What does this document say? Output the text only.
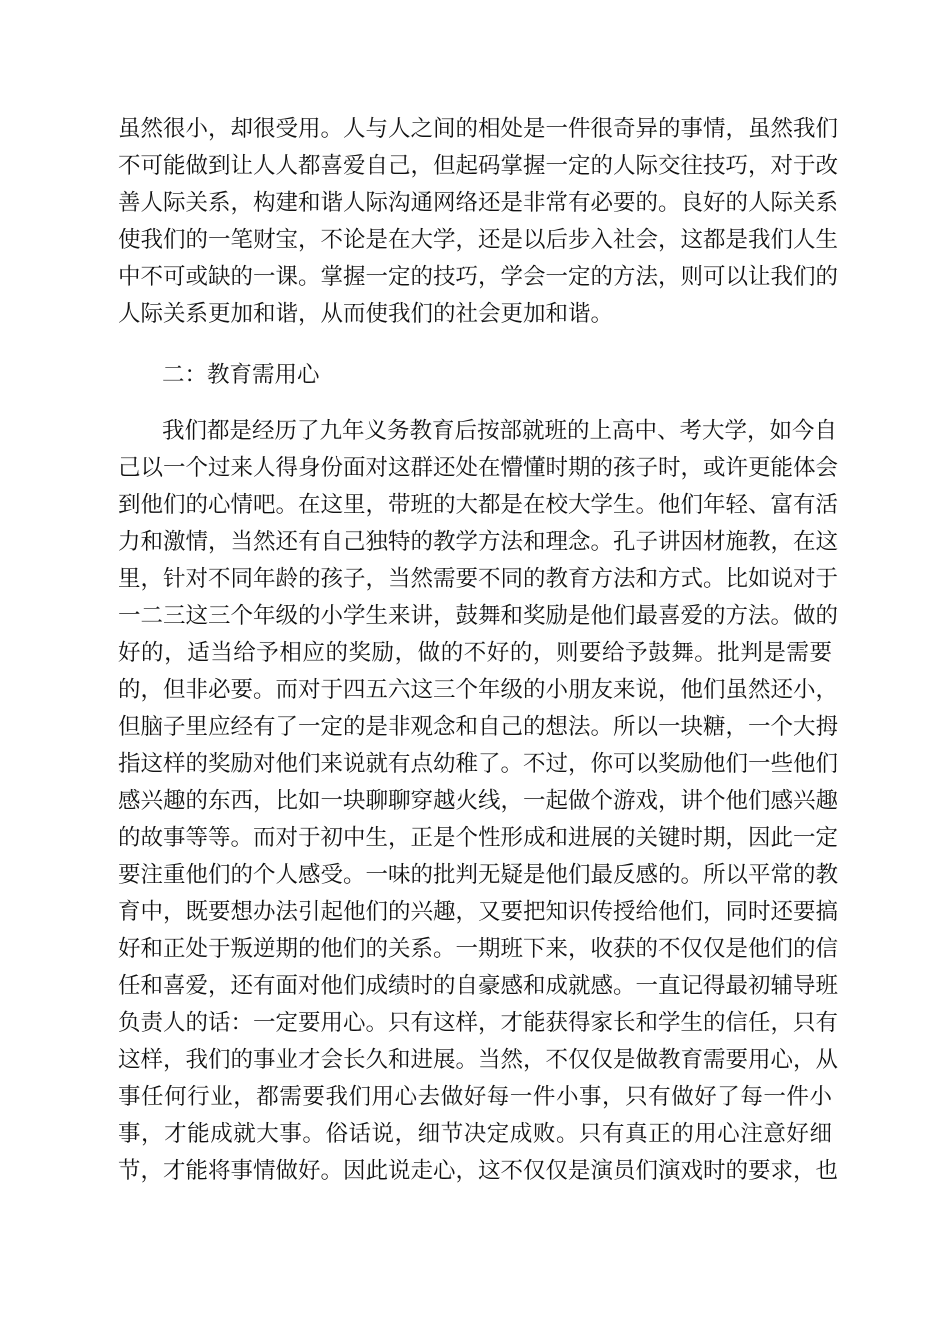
虽然很小，却很受用。人与人之间的相处是一件很奇异的事情，虽然我们
不可能做到让人人都喜爱自己，但起码掌握一定的人际交往技巧，对于改
善人际关系，构建和谐人际沟通网络还是非常有必要的。良好的人际关系
使我们的一笔财宝，不论是在大学，还是以后步入社会，这都是我们人生
中不可或缺的一课。掌握一定的技巧，学会一定的方法，则可以让我们的
人际关系更加和谐，从而使我们的社会更加和谐。
二：教育需用心
我们都是经历了九年义务教育后按部就班的上高中、考大学，如今自
己以一个过来人得身份面对这群还处在懵懂时期的孩子时，或许更能体会
到他们的心情吧。在这里，带班的大都是在校大学生。他们年轻、富有活
力和激情，当然还有自己独特的教学方法和理念。孔子讲因材施教，在这
里，针对不同年龄的孩子，当然需要不同的教育方法和方式。比如说对于
一二三这三个年级的小学生来讲，鼓舞和奖励是他们最喜爱的方法。做的
好的，适当给予相应的奖励，做的不好的，则要给予鼓舞。批判是需要
的，但非必要。而对于四五六这三个年级的小朋友来说，他们虽然还小，
但脑子里应经有了一定的是非观念和自己的想法。所以一块糖，一个大拇
指这样的奖励对他们来说就有点幼稚了。不过，你可以奖励他们一些他们
感兴趣的东西，比如一块聊聊穿越火线，一起做个游戏，讲个他们感兴趣
的故事等等。而对于初中生，正是个性形成和进展的关键时期，因此一定
要注重他们的个人感受。一味的批判无疑是他们最反感的。所以平常的教
育中，既要想办法引起他们的兴趣，又要把知识传授给他们，同时还要搞
好和正处于叛逆期的他们的关系。一期班下来，收获的不仅仅是他们的信
任和喜爱，还有面对他们成绩时的自豪感和成就感。一直记得最初辅导班
负责人的话：一定要用心。只有这样，才能获得家长和学生的信任，只有
这样，我们的事业才会长久和进展。当然，不仅仅是做教育需要用心，从
事任何行业，都需要我们用心去做好每一件小事，只有做好了每一件小
事，才能成就大事。俗话说，细节决定成败。只有真正的用心注意好细
节，才能将事情做好。因此说走心，这不仅仅是演员们演戏时的要求，也
